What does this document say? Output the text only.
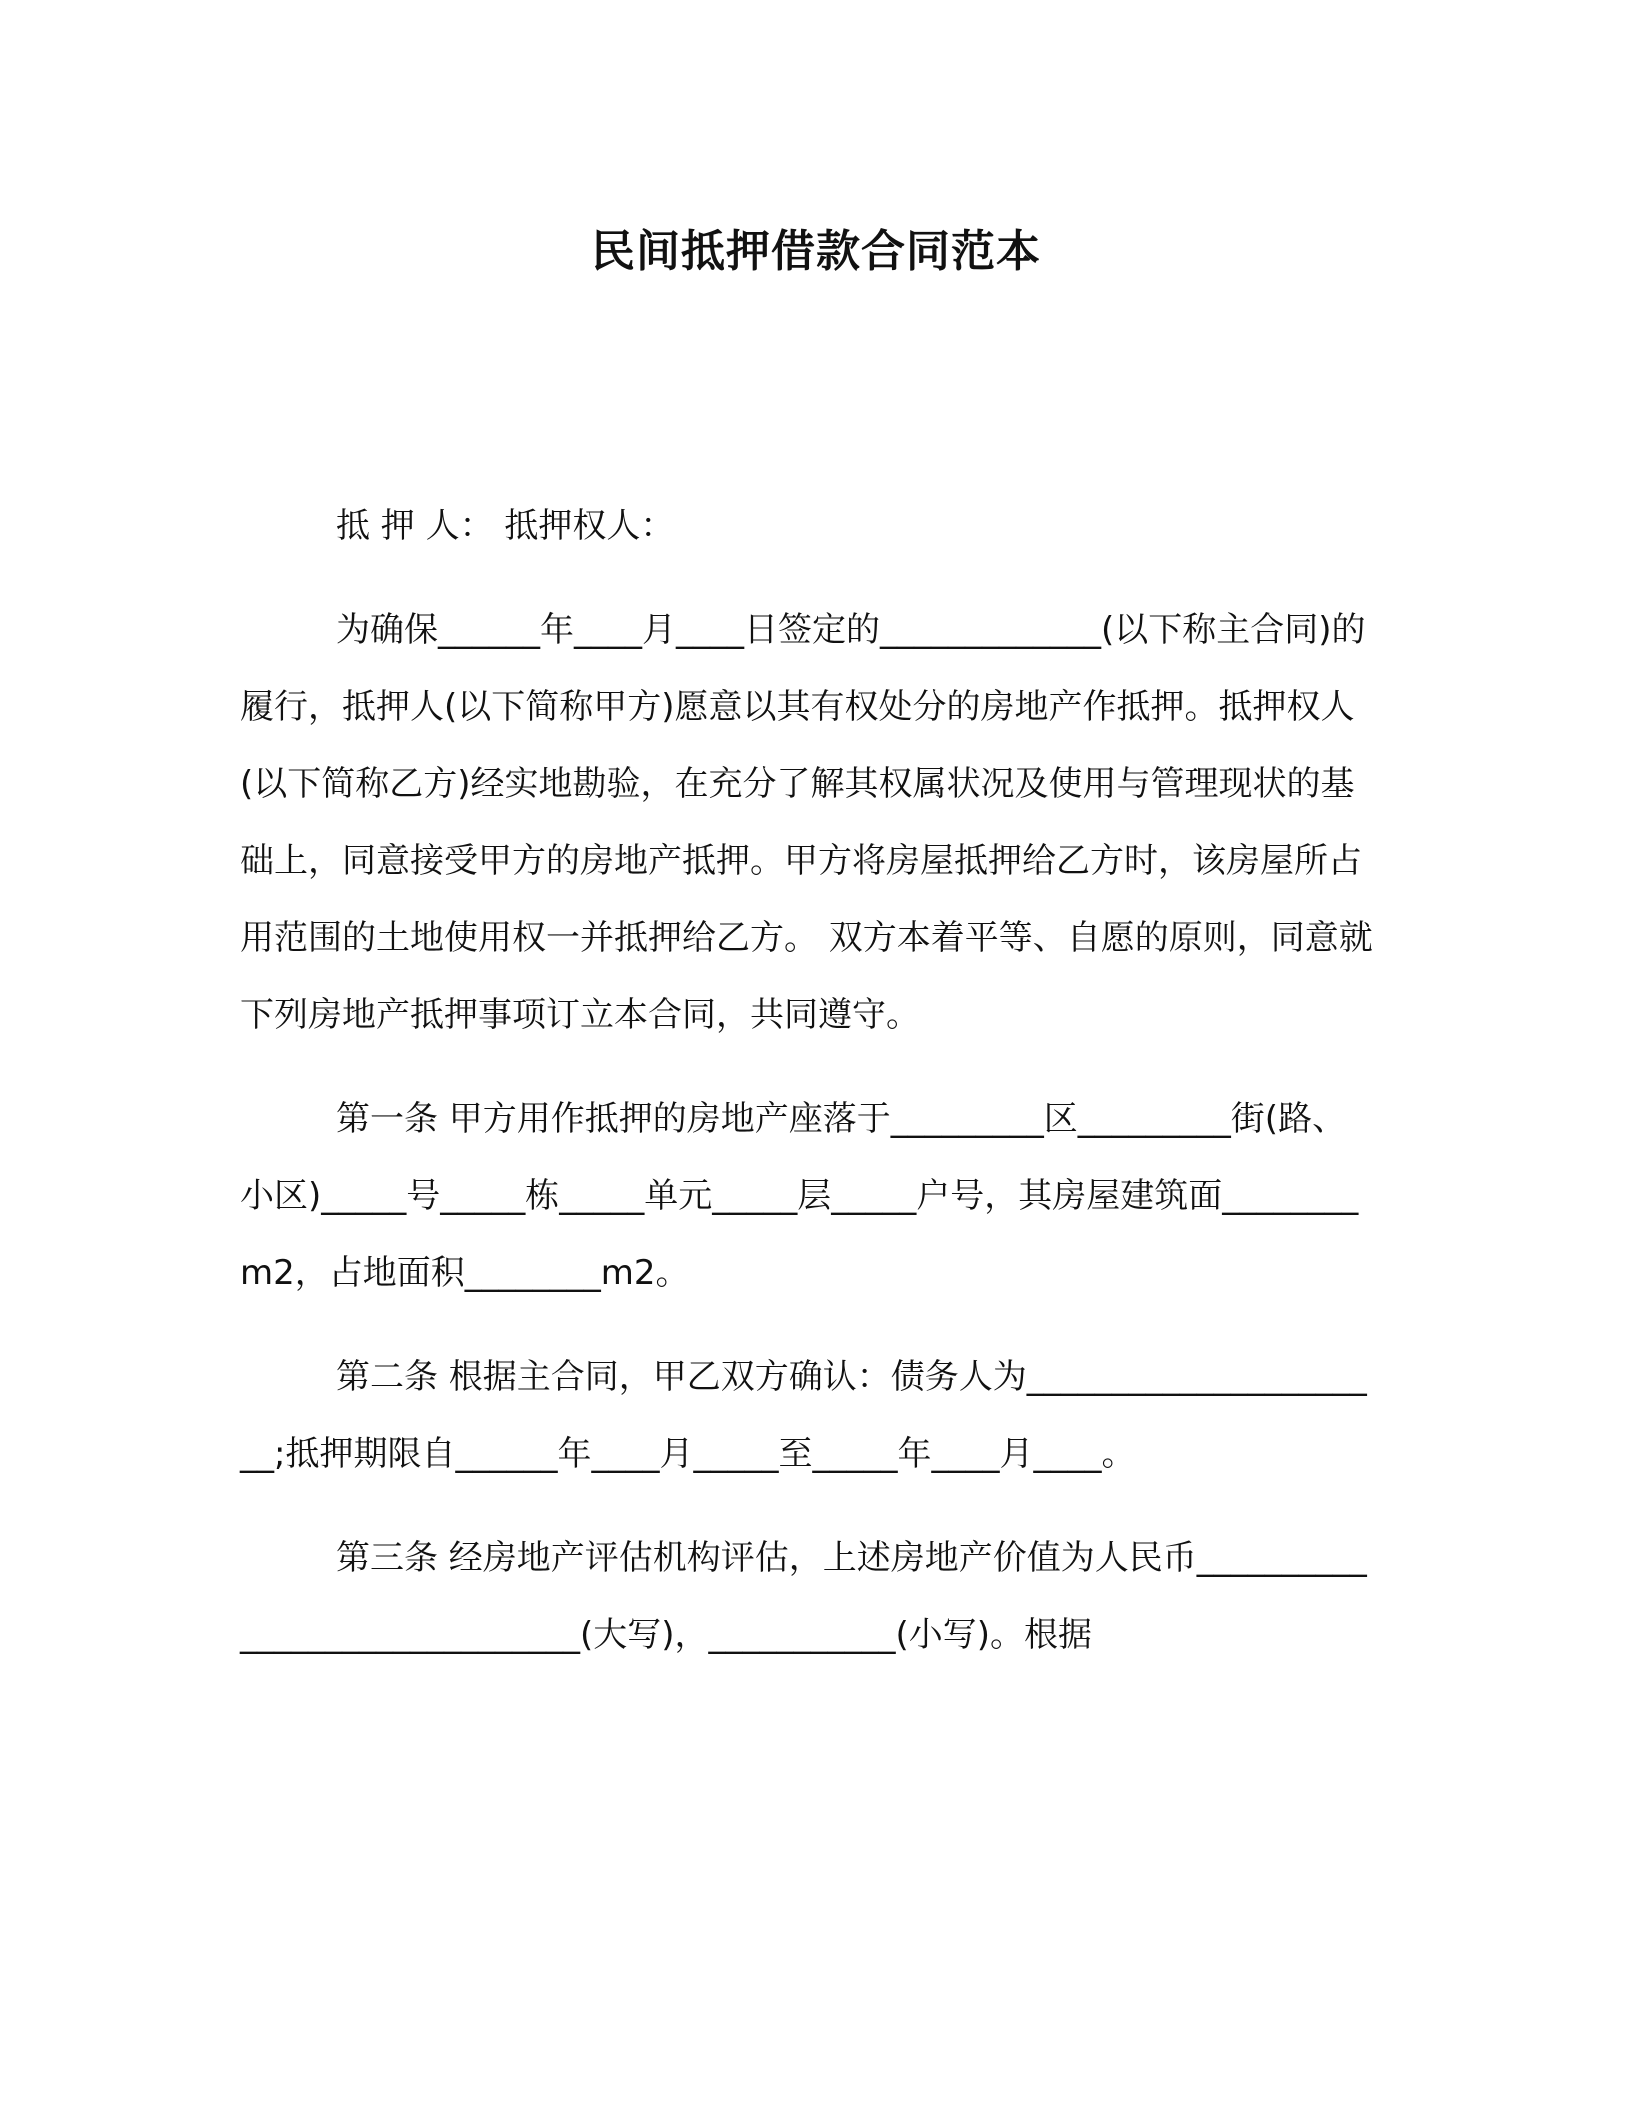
民间抵押借款合同范本

抵 押 人： 抵押权人：

为确保______年____月____日签定的_____________(以下称主合同)的履行，抵押人(以下简称甲方)愿意以其有权处分的房地产作抵押。抵押权人(以下简称乙方)经实地勘验，在充分了解其权属状况及使用与管理现状的基础上，同意接受甲方的房地产抵押。甲方将房屋抵押给乙方时，该房屋所占用范围的土地使用权一并抵押给乙方。 双方本着平等、自愿的原则，同意就下列房地产抵押事项订立本合同，共同遵守。

第一条 甲方用作抵押的房地产座落于_________区_________街(路、小区)_____号_____栋_____单元_____层_____户号，其房屋建筑面________m2，占地面积________m2。

第二条 根据主合同，甲乙双方确认：债务人为______________________;抵押期限自______年____月_____至_____年____月____。

第三条 经房地产评估机构评估，上述房地产价值为人民币______________________________(大写)，___________(小写)。根据
